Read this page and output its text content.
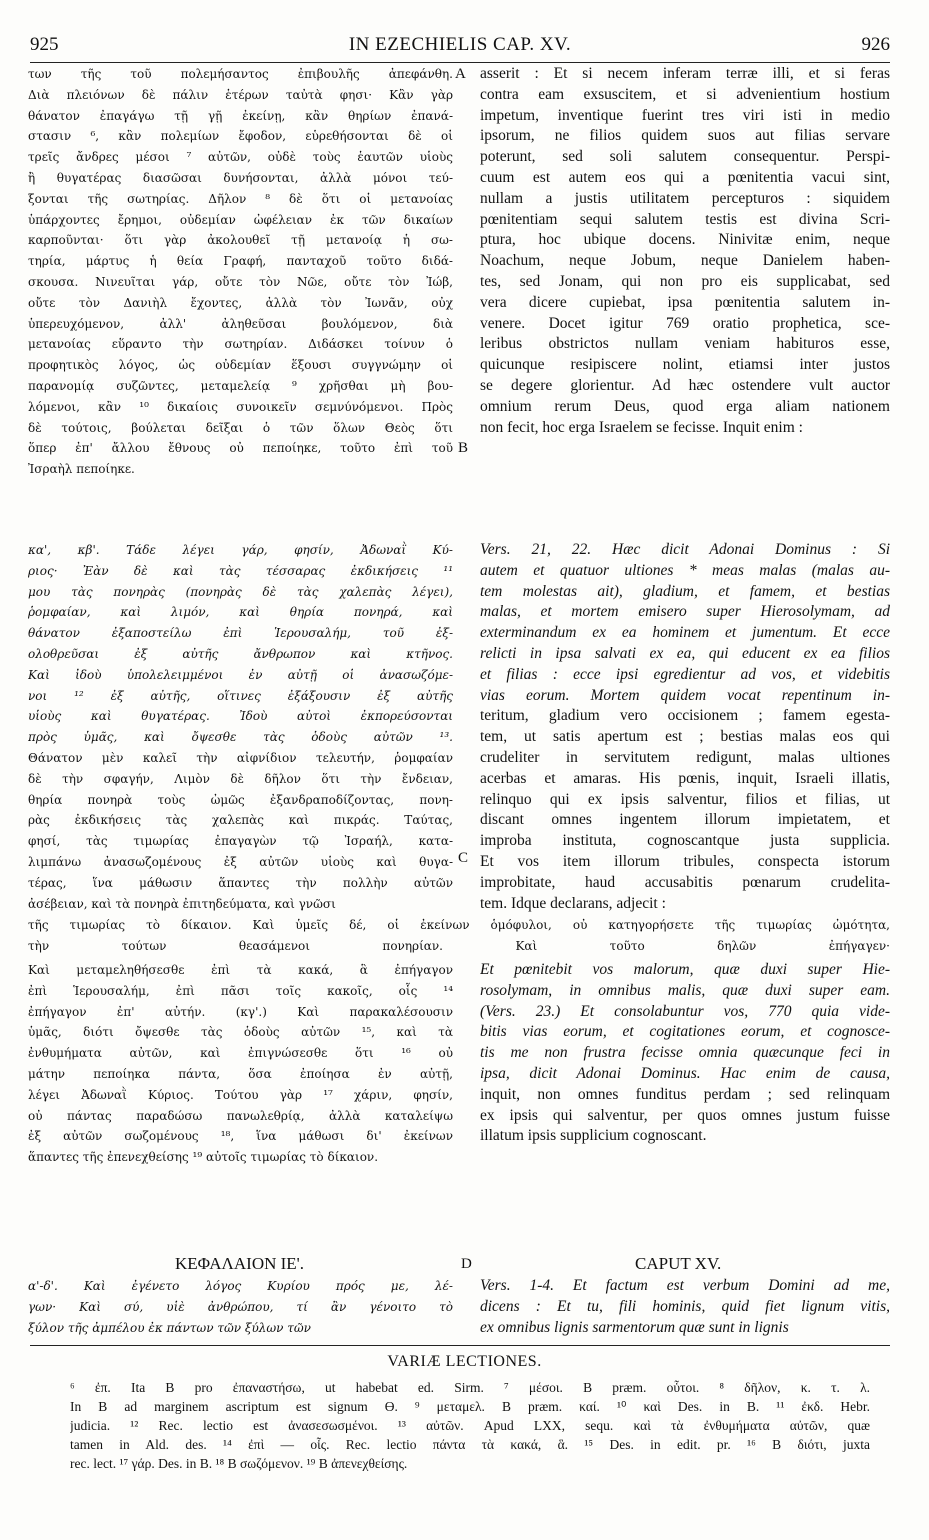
925	IN EZECHIELIS CAP. XV.	926
των τῆς τοῦ πολεμήσαντος ἐπιβουλῆς ἀπεφάνθη.
Διὰ πλειόνων δὲ πάλιν ἑτέρων ταὐτὰ φησι· Κἂν γὰρ
θάνατον ἐπαγάγω τῇ γῇ ἐκείνῃ, κἂν θηρίων ἐπανά-
στασιν ⁶, κἂν πολεμίων ἔφοδον, εὑρεθήσονται δὲ οἱ
τρεῖς ἄνδρες μέσοι ⁷ αὐτῶν, οὐδὲ τοὺς ἑαυτῶν υἱοὺς
ἢ θυγατέρας διασῶσαι δυνήσονται, ἀλλὰ μόνοι τεύ-
ξονται τῆς σωτηρίας. Δῆλον ⁸ δὲ ὅτι οἱ μετανοίας
ὑπάρχοντες ἔρημοι, οὐδεμίαν ὠφέλειαν ἐκ τῶν δικαίων
καρποῦνται· ὅτι γὰρ ἀκολουθεῖ τῇ μετανοίᾳ ἡ σω-
τηρία, μάρτυς ἡ θεία Γραφή, πανταχοῦ τοῦτο διδά-
σκουσα. Νινευῖται γάρ, οὔτε τὸν Νῶε, οὔτε τὸν Ἰώβ,
οὔτε τὸν Δανιὴλ ἔχοντες, ἀλλὰ τὸν Ἰωνᾶν, οὐχ
ὑπερευχόμενον, ἀλλ' ἀληθεῦσαι βουλόμενον, διὰ
μετανοίας εὕραντο τὴν σωτηρίαν. Διδάσκει τοίνυν ὁ
προφητικὸς λόγος, ὡς οὐδεμίαν ἕξουσι συγγνώμην οἱ
παρανομίᾳ συζῶντες, μεταμελείᾳ ⁹ χρῆσθαι μὴ βου-
λόμενοι, κἂν ¹⁰ δικαίοις συνοικεῖν σεμνύνόμενοι. Πρὸς
δὲ τούτοις, βούλεται δεῖξαι ὁ τῶν ὅλων Θεὸς ὅτι
ὅπερ ἐπ' ἄλλου ἔθνους οὐ πεποίηκε, τοῦτο ἐπὶ τοῦ
Ἰσραὴλ πεποίηκε.
asserit : Et si necem inferam terræ illi, et si feras
contra eam exsuscitem, et si advenientium hostium
impetum, inventique fuerint tres viri isti in medio
ipsorum, ne filios quidem suos aut filias servare
poterunt, sed soli salutem consequentur. Perspi-
cuum est autem eos qui a pœnitentia vacui sint,
nullam a justis utilitatem percepturos : siquidem
pœnitentiam sequi salutem testis est divina Scri-
ptura, hoc ubique docens. Ninivitæ enim, neque
Noachum, neque Jobum, neque Danielem haben-
tes, sed Jonam, qui non pro eis supplicabat, sed
vera dicere cupiebat, ipsa pœnitentia salutem in-
venere. Docet igitur 769 oratio prophetica, sce-
leribus obstrictos nullam veniam habituros esse,
quicunque resipiscere nolint, etiamsi inter justos
se degere glorientur. Ad hæc ostendere vult auctor
omnium rerum Deus, quod erga aliam nationem
non fecit, hoc erga Israelem se fecisse. Inquit enim :
A
B
C
κα', κβ'. Τάδε λέγει γάρ, φησίν, Ἀδωναῒ Κύ-
ριος· Ἐὰν δὲ καὶ τὰς τέσσαρας ἐκδικήσεις ¹¹
μου τὰς πονηρὰς (πονηρὰς δὲ τὰς χαλεπὰς λέγει),
ῥομφαίαν, καὶ λιμόν, καὶ θηρία πονηρά, καὶ
θάνατον ἐξαποστείλω ἐπὶ Ἱερουσαλήμ, τοῦ ἐξ-
ολοθρεῦσαι ἐξ αὐτῆς ἄνθρωπον καὶ κτῆνος.
Καὶ ἰδοὺ ὑπολελειμμένοι ἐν αὐτῇ οἱ ἀνασωζόμε-
νοι ¹² ἐξ αὐτῆς, οἵτινες ἐξάξουσιν ἐξ αὐτῆς
υἱοὺς καὶ θυγατέρας. Ἰδοὺ αὐτοὶ ἐκπορεύσονται
πρὸς ὑμᾶς, καὶ ὄψεσθε τὰς ὁδοὺς αὐτῶν ¹³.
Θάνατον μὲν καλεῖ τὴν αἰφνίδιον τελευτήν, ῥομφαίαν
δὲ τὴν σφαγήν, Λιμὸν δὲ δῆλον ὅτι τὴν ἔνδειαν,
θηρία πονηρὰ τοὺς ὠμῶς ἐξανδραποδίζοντας, πονη-
ρὰς ἐκδικήσεις τὰς χαλεπὰς καὶ πικράς. Ταύτας,
φησί, τὰς τιμωρίας ἐπαγαγὼν τῷ Ἰσραήλ, κατα-
λιμπάνω ἀνασωζομένους ἐξ αὐτῶν υἱοὺς καὶ θυγα-
τέρας, ἵνα μάθωσιν ἅπαντες τὴν πολλὴν αὐτῶν
ἀσέβειαν, καὶ τὰ πονηρὰ ἐπιτηδεύματα, καὶ γνῶσι
Vers. 21, 22. Hæc dicit Adonai Dominus : Si
autem et quatuor ultiones * meas malas (malas au-
tem molestas ait), gladium, et famem, et bestias
malas, et mortem emisero super Hierosolymam, ad
exterminandum ex ea hominem et jumentum. Et ecce
relicti in ipsa salvati ex ea, qui educent ex ea filios
et filias : ecce ipsi egredientur ad vos, et videbitis
vias eorum. Mortem quidem vocat repentinum in-
teritum, gladium vero occisionem ; famem egesta-
tem, ut satis apertum est ; bestias malas eos qui
crudeliter in servitutem redigunt, malas ultiones
acerbas et amaras. His pœnis, inquit, Israeli illatis,
relinquo qui ex ipsis salventur, filios et filias, ut
discant omnes ingentem illorum impietatem, et
improba instituta, cognoscantque justa supplicia.
Et vos item illorum tribules, conspecta istorum
improbitate, haud accusabitis pœnarum crudelita-
tem. Idque declarans, adjecit :
τῆς τιμωρίας τὸ δίκαιον. Καὶ ὑμεῖς δέ, οἱ ἐκείνων ὁμόφυλοι, οὐ κατηγορήσετε τῆς τιμωρίας ὠμότητα,
τὴν τούτων θεασάμενοι πονηρίαν. Καὶ τοῦτο δηλῶν ἐπήγαγεν·
Καὶ μεταμεληθήσεσθε ἐπὶ τὰ κακά, ἃ ἐπήγαγον
ἐπὶ Ἱερουσαλήμ, ἐπὶ πᾶσι τοῖς κακοῖς, οἷς ¹⁴
ἐπήγαγον ἐπ' αὐτήν. (κγ'.) Καὶ παρακαλέσουσιν
ὑμᾶς, διότι ὄψεσθε τὰς ὁδοὺς αὐτῶν ¹⁵, καὶ τὰ
ἐνθυμήματα αὐτῶν, καὶ ἐπιγνώσεσθε ὅτι ¹⁶ οὐ
μάτην πεποίηκα πάντα, ὅσα ἐποίησα ἐν αὐτῇ,
λέγει Ἀδωναῒ Κύριος. Τούτου γὰρ ¹⁷ χάριν, φησίν,
οὐ πάντας παραδώσω πανωλεθρίᾳ, ἀλλὰ καταλείψω
ἐξ αὐτῶν σωζομένους ¹⁸, ἵνα μάθωσι δι' ἐκείνων
ἅπαντες τῆς ἐπενεχθείσης ¹⁹ αὐτοῖς τιμωρίας τὸ δίκαιον.
Et pœnitebit vos malorum, quæ duxi super Hie-
rosolymam, in omnibus malis, quæ duxi super eam.
(Vers. 23.) Et consolabuntur vos, 770 quia vide-
bitis vias eorum, et cogitationes eorum, et cognosce-
tis me non frustra fecisse omnia quæcunque feci in
ipsa, dicit Adonai Dominus. Hac enim de causa,
inquit, non omnes funditus perdam ; sed relinquam
ex ipsis qui salventur, per quos omnes justum fuisse
illatum ipsis supplicium cognoscant.
ΚΕΦΑΛΑΙΟΝ ΙΕ'.	D	CAPUT XV.
α'-δ'. Καὶ ἐγένετο λόγος Κυρίου πρός με, λέ-
γων· Καὶ σύ, υἱὲ ἀνθρώπου, τί ἂν γένοιτο τὸ
ξύλον τῆς ἀμπέλου ἐκ πάντων τῶν ξύλων τῶν
Vers. 1-4. Et factum est verbum Domini ad me,
dicens : Et tu, fili hominis, quid fiet lignum vitis,
ex omnibus lignis sarmentorum quæ sunt in lignis
VARIÆ LECTIONES.
⁶ ἐπ. Ita B pro ἐπαναστήσω, ut habebat ed. Sirm. ⁷ μέσοι. B præm. οὗτοι. ⁸ δῆλον, κ. τ. λ.
In B ad marginem ascriptum est signum ϴ. ⁹ μεταμελ. B præm. καί. ¹⁰ καὶ Des. in B. ¹¹ ἐκδ. Hebr.
judicia. ¹² Rec. lectio est ἀνασεσωσμένοι. ¹³ αὐτῶν. Apud LXX, sequ. καὶ τὰ ἐνθυμήματα αὐτῶν, quæ
tamen in Ald. des. ¹⁴ ἐπὶ — οἷς. Rec. lectio πάντα τὰ κακά, ἃ. ¹⁵ Des. in edit. pr. ¹⁶ B διότι, juxta
rec. lect. ¹⁷ γάρ. Des. in B. ¹⁸ B σωζόμενον. ¹⁹ B ἀπενεχθείσης.
